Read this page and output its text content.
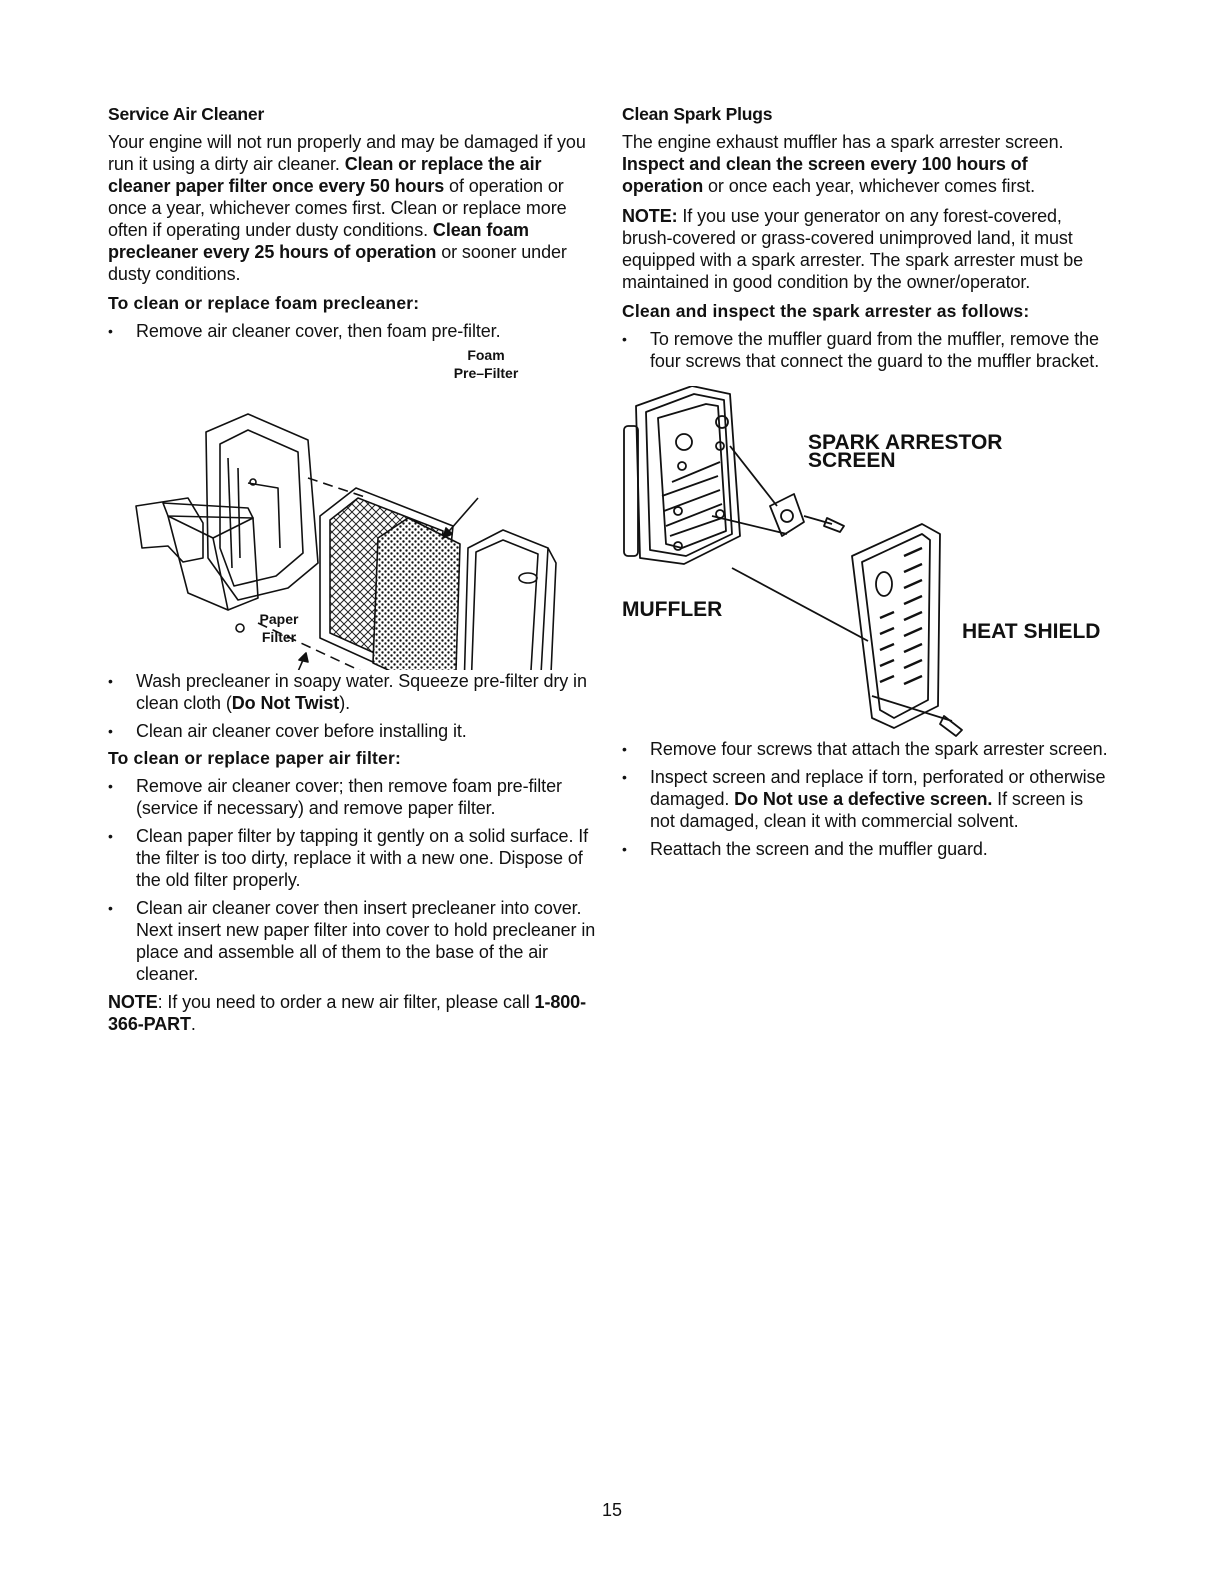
Service Air Cleaner

Your engine will not run properly and may be damaged if you run it using a dirty air cleaner. Clean or replace the air cleaner paper filter once every 50 hours of operation or once a year, whichever comes first. Clean or replace more often if operating under dusty conditions. Clean foam precleaner every 25 hours of operation or sooner under dusty conditions.

To clean or replace foam precleaner:
• Remove air cleaner cover, then foam pre-filter.
Foam
Pre–Filter
Paper
Filter
• Wash precleaner in soapy water. Squeeze pre-filter dry in clean cloth (Do Not Twist).
• Clean air cleaner cover before installing it.
To clean or replace paper air filter:
• Remove air cleaner cover; then remove foam pre-filter (service if necessary) and remove paper filter.
• Clean paper filter by tapping it gently on a solid surface. If the filter is too dirty, replace it with a new one. Dispose of the old filter properly.
• Clean air cleaner cover then insert precleaner into cover. Next insert new paper filter into cover to hold precleaner in place and assemble all of them to the base of the air cleaner.

NOTE: If you need to order a new air filter, please call 1-800-366-PART.

Clean Spark Plugs

The engine exhaust muffler has a spark arrester screen. Inspect and clean the screen every 100 hours of operation or once each year, whichever comes first.

NOTE: If you use your generator on any forest-covered, brush-covered or grass-covered unimproved land, it must equipped with a spark arrester. The spark arrester must be maintained in good condition by the owner/operator.

Clean and inspect the spark arrester as follows:
• To remove the muffler guard from the muffler, remove the four screws that connect the guard to the muffler bracket.
SPARK ARRESTOR
SCREEN
MUFFLER
HEAT SHIELD
• Remove four screws that attach the spark arrester screen.
• Inspect screen and replace if torn, perforated or otherwise damaged. Do Not use a defective screen. If screen is not damaged, clean it with commercial solvent.
• Reattach the screen and the muffler guard.
15
